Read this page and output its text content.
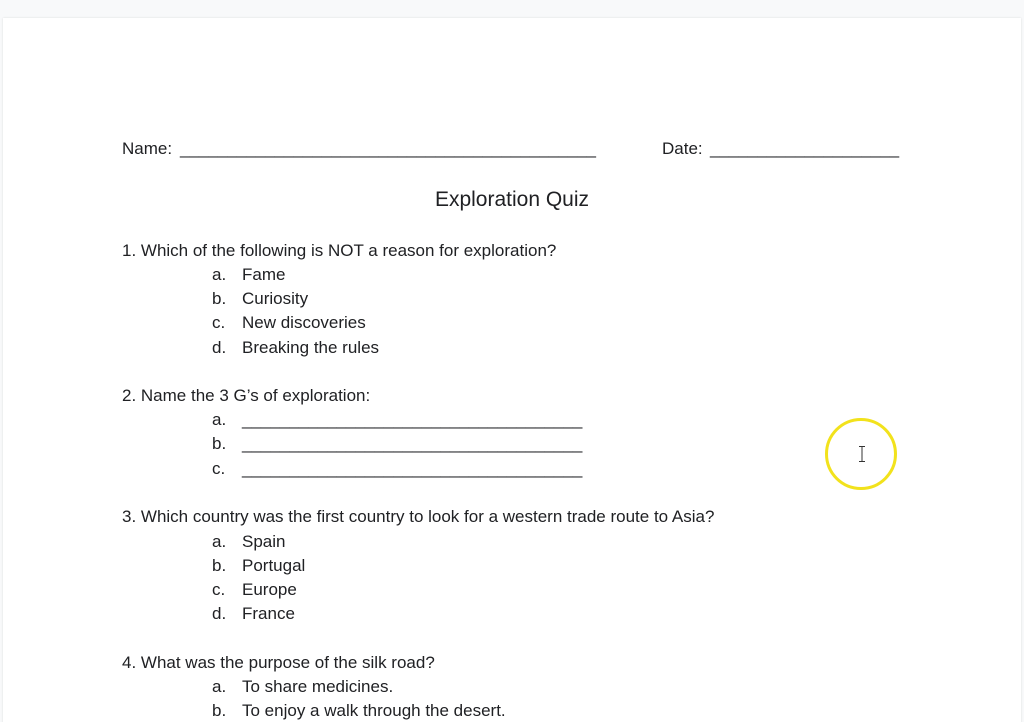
Name: ____________________________________________	Date: ____________________
Exploration Quiz
1. Which of the following is NOT a reason for exploration?
a. Fame
b. Curiosity
c. New discoveries
d. Breaking the rules
2. Name the 3 G’s of exploration:
a. ____________________________________
b. ____________________________________
c. ____________________________________
3. Which country was the first country to look for a western trade route to Asia?
a. Spain
b. Portugal
c. Europe
d. France
4. What was the purpose of the silk road?
a. To share medicines.
b. To enjoy a walk through the desert.
